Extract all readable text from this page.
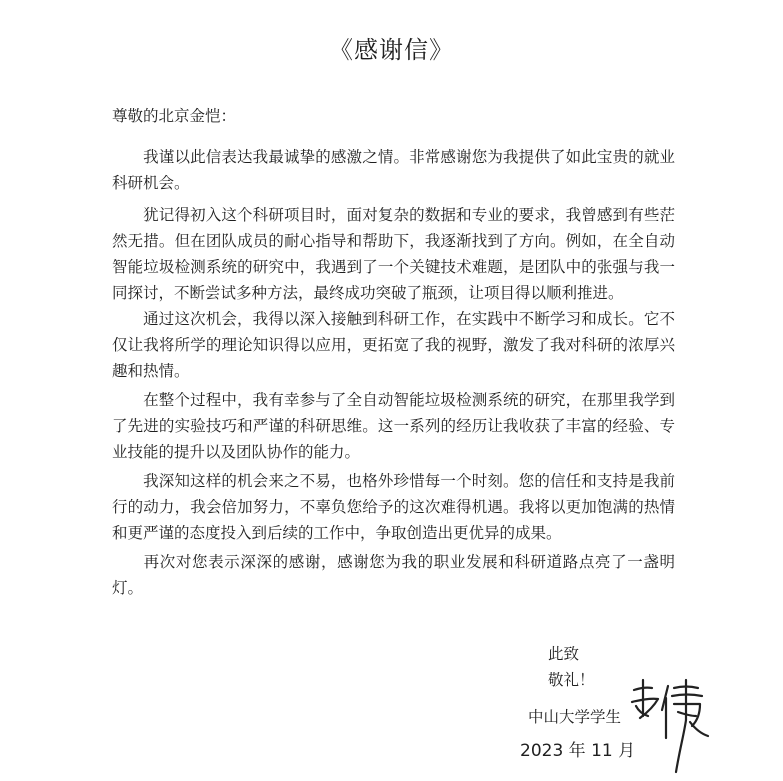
《感谢信》
尊敬的北京金恺：

我谨以此信表达我最诚挚的感激之情。非常感谢您为我提供了如此宝贵的就业科研机会。

犹记得初入这个科研项目时，面对复杂的数据和专业的要求，我曾感到有些茫然无措。但在团队成员的耐心指导和帮助下，我逐渐找到了方向。例如，在全自动智能垃圾检测系统的研究中，我遇到了一个关键技术难题，是团队中的张强与我一同探讨，不断尝试多种方法，最终成功突破了瓶颈，让项目得以顺利推进。

通过这次机会，我得以深入接触到科研工作，在实践中不断学习和成长。它不仅让我将所学的理论知识得以应用，更拓宽了我的视野，激发了我对科研的浓厚兴趣和热情。

在整个过程中，我有幸参与了全自动智能垃圾检测系统的研究，在那里我学到了先进的实验技巧和严谨的科研思维。这一系列的经历让我收获了丰富的经验、专业技能的提升以及团队协作的能力。

我深知这样的机会来之不易，也格外珍惜每一个时刻。您的信任和支持是我前行的动力，我会倍加努力，不辜负您给予的这次难得机遇。我将以更加饱满的热情和更严谨的态度投入到后续的工作中，争取创造出更优异的成果。

再次对您表示深深的感谢，感谢您为我的职业发展和科研道路点亮了一盏明灯。

此致
敬礼！
中山大学学生
2023 年 11 月
